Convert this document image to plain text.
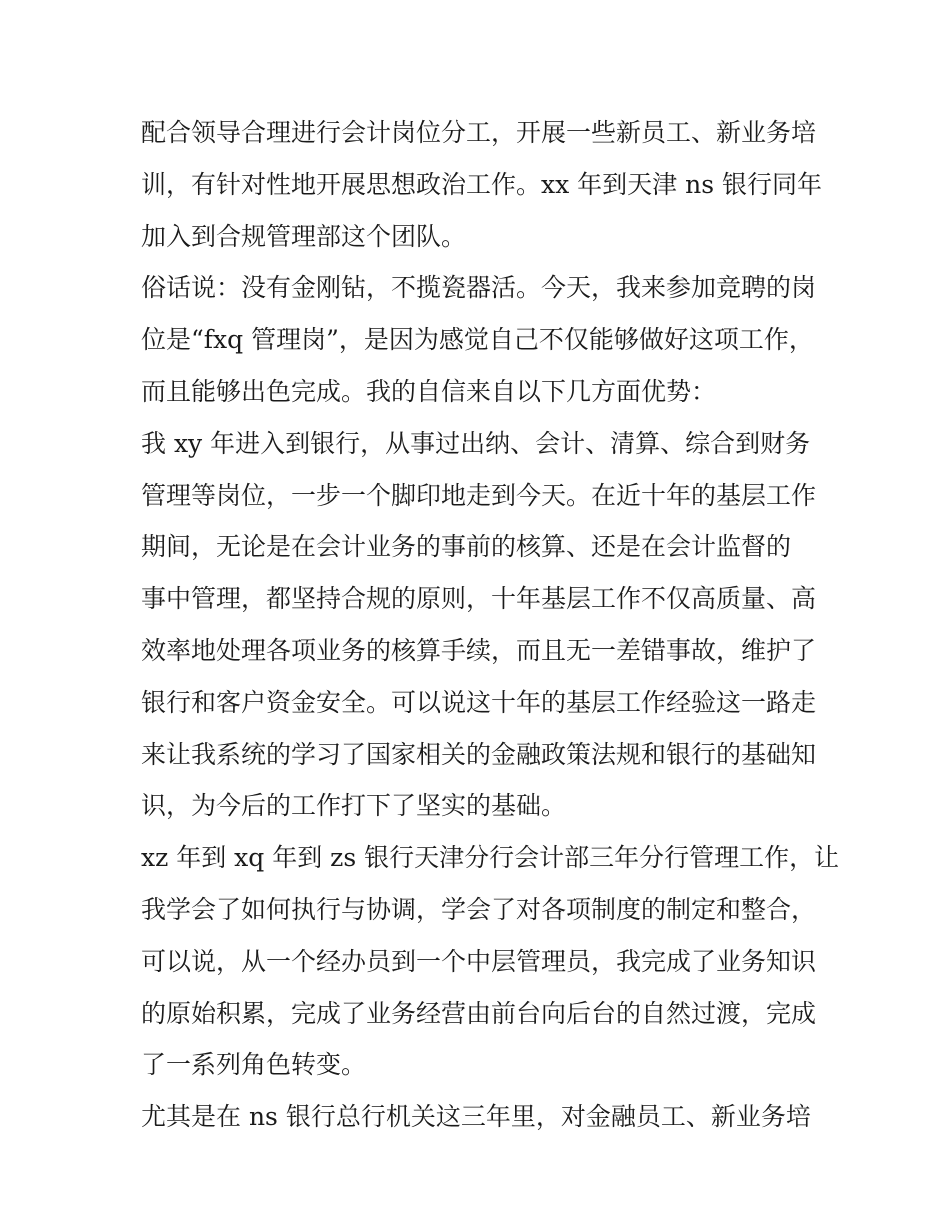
配合领导合理进行会计岗位分工，开展一些新员工、新业务培
训，有针对性地开展思想政治工作。xx 年到天津 ns 银行同年
加入到合规管理部这个团队。
俗话说：没有金刚钻，不揽瓷器活。今天，我来参加竞聘的岗
位是“fxq 管理岗”，是因为感觉自己不仅能够做好这项工作，
而且能够出色完成。我的自信来自以下几方面优势：
我 xy 年进入到银行，从事过出纳、会计、清算、综合到财务
管理等岗位，一步一个脚印地走到今天。在近十年的基层工作
期间，无论是在会计业务的事前的核算、还是在会计监督的
事中管理，都坚持合规的原则，十年基层工作不仅高质量、高
效率地处理各项业务的核算手续，而且无一差错事故，维护了
银行和客户资金安全。可以说这十年的基层工作经验这一路走
来让我系统的学习了国家相关的金融政策法规和银行的基础知
识，为今后的工作打下了坚实的基础。
xz 年到 xq 年到 zs 银行天津分行会计部三年分行管理工作，让
我学会了如何执行与协调，学会了对各项制度的制定和整合，
可以说，从一个经办员到一个中层管理员，我完成了业务知识
的原始积累，完成了业务经营由前台向后台的自然过渡，完成
了一系列角色转变。
尤其是在 ns 银行总行机关这三年里，对金融员工、新业务培
